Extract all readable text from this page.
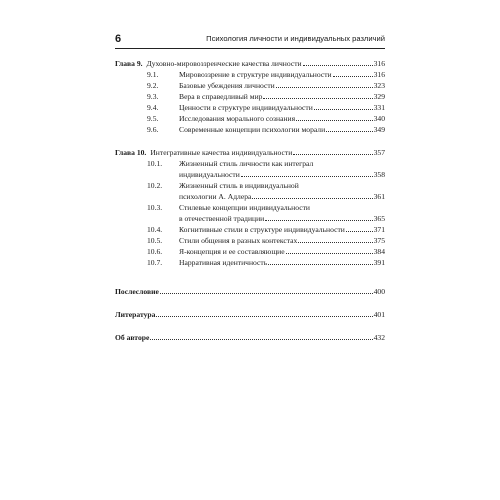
6	Психология личности и индивидуальных различий
Глава 9. Духовно-мировоззренческие качества личности	316
9.1.	Мировоззрение в структуре индивидуальности	316
9.2.	Базовые убеждения личности	323
9.3.	Вера в справедливый мир	329
9.4.	Ценности в структуре индивидуальности	331
9.5.	Исследования морального сознания	340
9.6.	Современные концепции психологии морали	349
Глава 10. Интегративные качества индивидуальности	357
10.1.	Жизненный стиль личности как интеграл
индивидуальности	358
10.2.	Жизненный стиль в индивидуальной
психологии А. Адлера	361
10.3.	Стилевые концепции индивидуальности
в отечественной традиции	365
10.4.	Когнитивные стили в структуре индивидуальности	371
10.5.	Стили общения в разных контекстах	375
10.6.	Я-концепция и ее составляющие	384
10.7.	Нарративная идентичность	391
Послесловие	400
Литература	401
Об авторе	432
